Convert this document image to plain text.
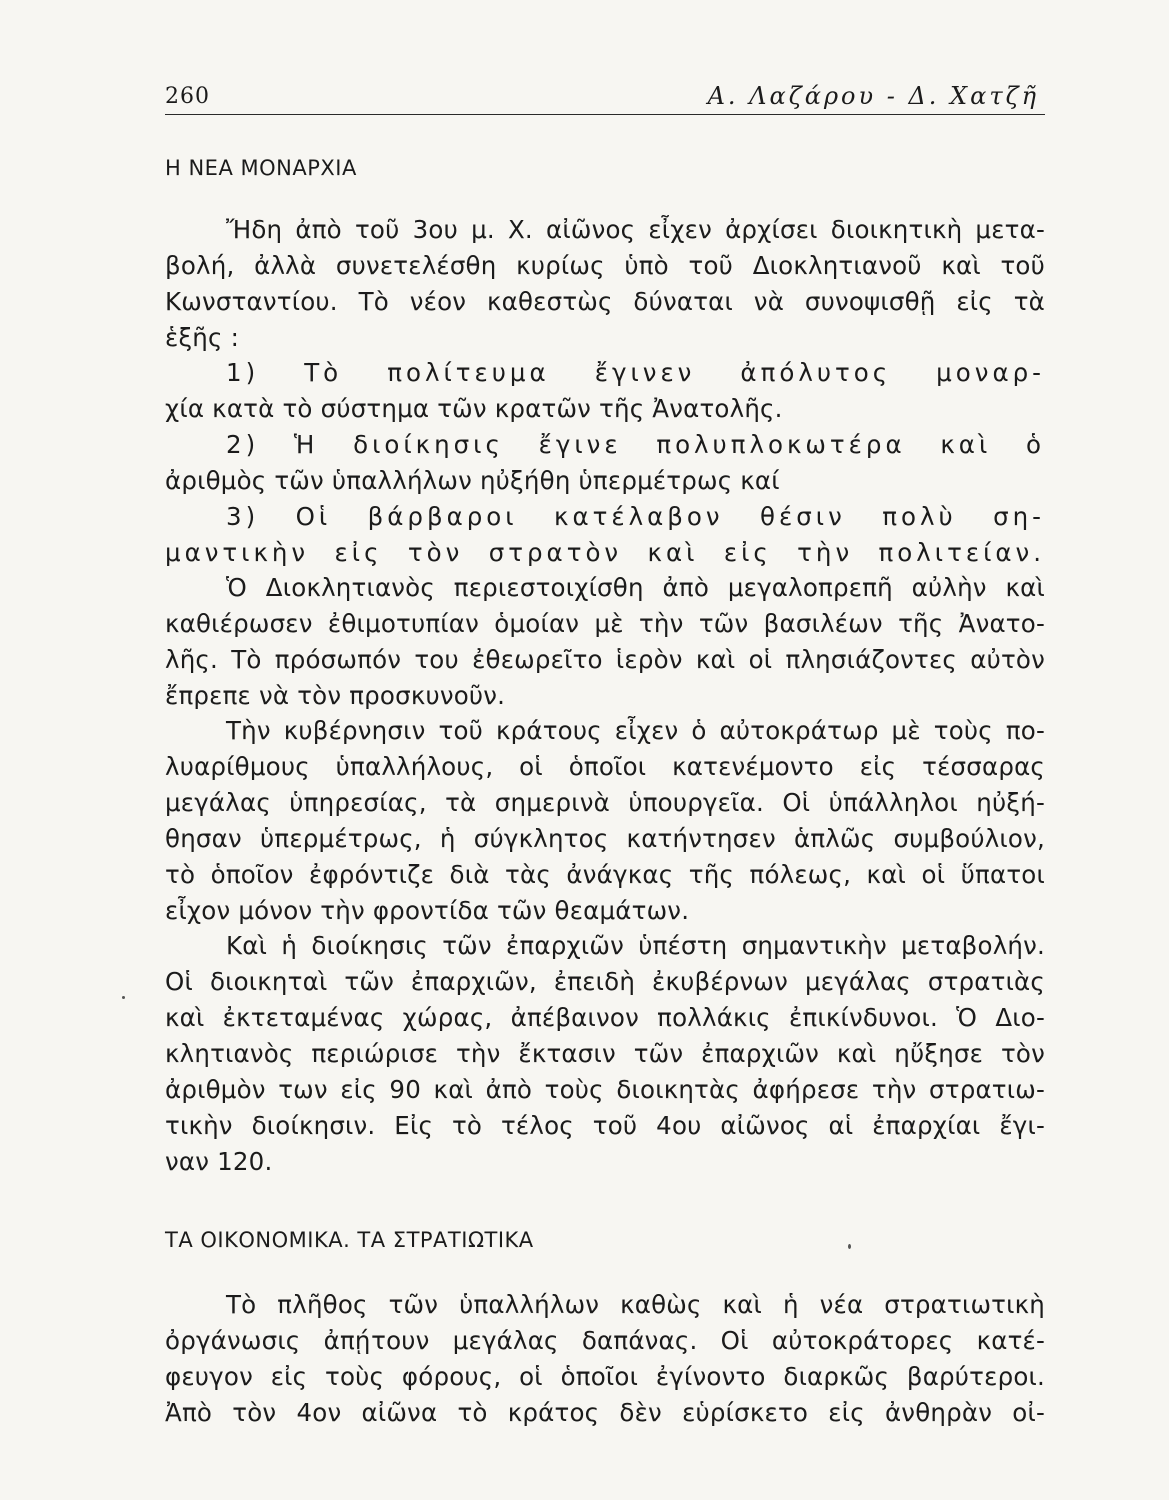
260	Α. Λαζάρου - Δ. Χατζῆ
Η ΝΕΑ ΜΟΝΑΡΧΙΑ
Ἤδη ἀπὸ τοῦ 3ου μ. Χ. αἰῶνος εἶχεν ἀρχίσει διοικητικὴ μετα-
βολή, ἀλλὰ συνετελέσθη κυρίως ὑπὸ τοῦ Διοκλητιανοῦ καὶ τοῦ
Κωνσταντίου. Τὸ νέον καθεστὼς δύναται νὰ συνοψισθῇ εἰς τὰ
ἑξῆς :
1) Τὸ πολίτευμα ἔγινεν ἀπόλυτος μοναρ-
χία κατὰ τὸ σύστημα τῶν κρατῶν τῆς Ἀνατολῆς.
2) Ἡ διοίκησις ἔγινε πολυπλοκωτέρα καὶ ὁ
ἀριθμὸς τῶν ὑπαλλήλων ηὐξήθη ὑπερμέτρως καί
3) Οἱ βάρβαροι κατέλαβον θέσιν πολὺ ση-
μαντικὴν εἰς τὸν στρατὸν καὶ εἰς τὴν πολιτείαν.
Ὁ Διοκλητιανὸς περιεστοιχίσθη ἀπὸ μεγαλοπρεπῆ αὐλὴν καὶ
καθιέρωσεν ἐθιμοτυπίαν ὁμοίαν μὲ τὴν τῶν βασιλέων τῆς Ἀνατο-
λῆς. Τὸ πρόσωπόν του ἐθεωρεῖτο ἱερὸν καὶ οἱ πλησιάζοντες αὐτὸν
ἔπρεπε νὰ τὸν προσκυνοῦν.
Τὴν κυβέρνησιν τοῦ κράτους εἶχεν ὁ αὐτοκράτωρ μὲ τοὺς πο-
λυαρίθμους ὑπαλλήλους, οἱ ὁποῖοι κατενέμοντο εἰς τέσσαρας
μεγάλας ὑπηρεσίας, τὰ σημερινὰ ὑπουργεῖα. Οἱ ὑπάλληλοι ηὐξή-
θησαν ὑπερμέτρως, ἡ σύγκλητος κατήντησεν ἁπλῶς συμβούλιον,
τὸ ὁποῖον ἐφρόντιζε διὰ τὰς ἀνάγκας τῆς πόλεως, καὶ οἱ ὕπατοι
εἶχον μόνον τὴν φροντίδα τῶν θεαμάτων.
Καὶ ἡ διοίκησις τῶν ἐπαρχιῶν ὑπέστη σημαντικὴν μεταβολήν.
Οἱ διοικηταὶ τῶν ἐπαρχιῶν, ἐπειδὴ ἐκυβέρνων μεγάλας στρατιὰς
καὶ ἐκτεταμένας χώρας, ἀπέβαινον πολλάκις ἐπικίνδυνοι. Ὁ Διο-
κλητιανὸς περιώρισε τὴν ἔκτασιν τῶν ἐπαρχιῶν καὶ ηὔξησε τὸν
ἀριθμὸν των εἰς 90 καὶ ἀπὸ τοὺς διοικητὰς ἀφήρεσε τὴν στρατιω-
τικὴν διοίκησιν. Εἰς τὸ τέλος τοῦ 4ου αἰῶνος αἱ ἐπαρχίαι ἔγι-
ναν 120.
ΤΑ ΟΙΚΟΝΟΜΙΚΑ. ΤΑ ΣΤΡΑΤΙΩΤΙΚΑ
Τὸ πλῆθος τῶν ὑπαλλήλων καθὼς καὶ ἡ νέα στρατιωτικὴ
ὀργάνωσις ἀπῄτουν μεγάλας δαπάνας. Οἱ αὐτοκράτορες κατέ-
φευγον εἰς τοὺς φόρους, οἱ ὁποῖοι ἐγίνοντο διαρκῶς βαρύτεροι.
Ἀπὸ τὸν 4ον αἰῶνα τὸ κράτος δὲν εὑρίσκετο εἰς ἀνθηρὰν οἰ-
